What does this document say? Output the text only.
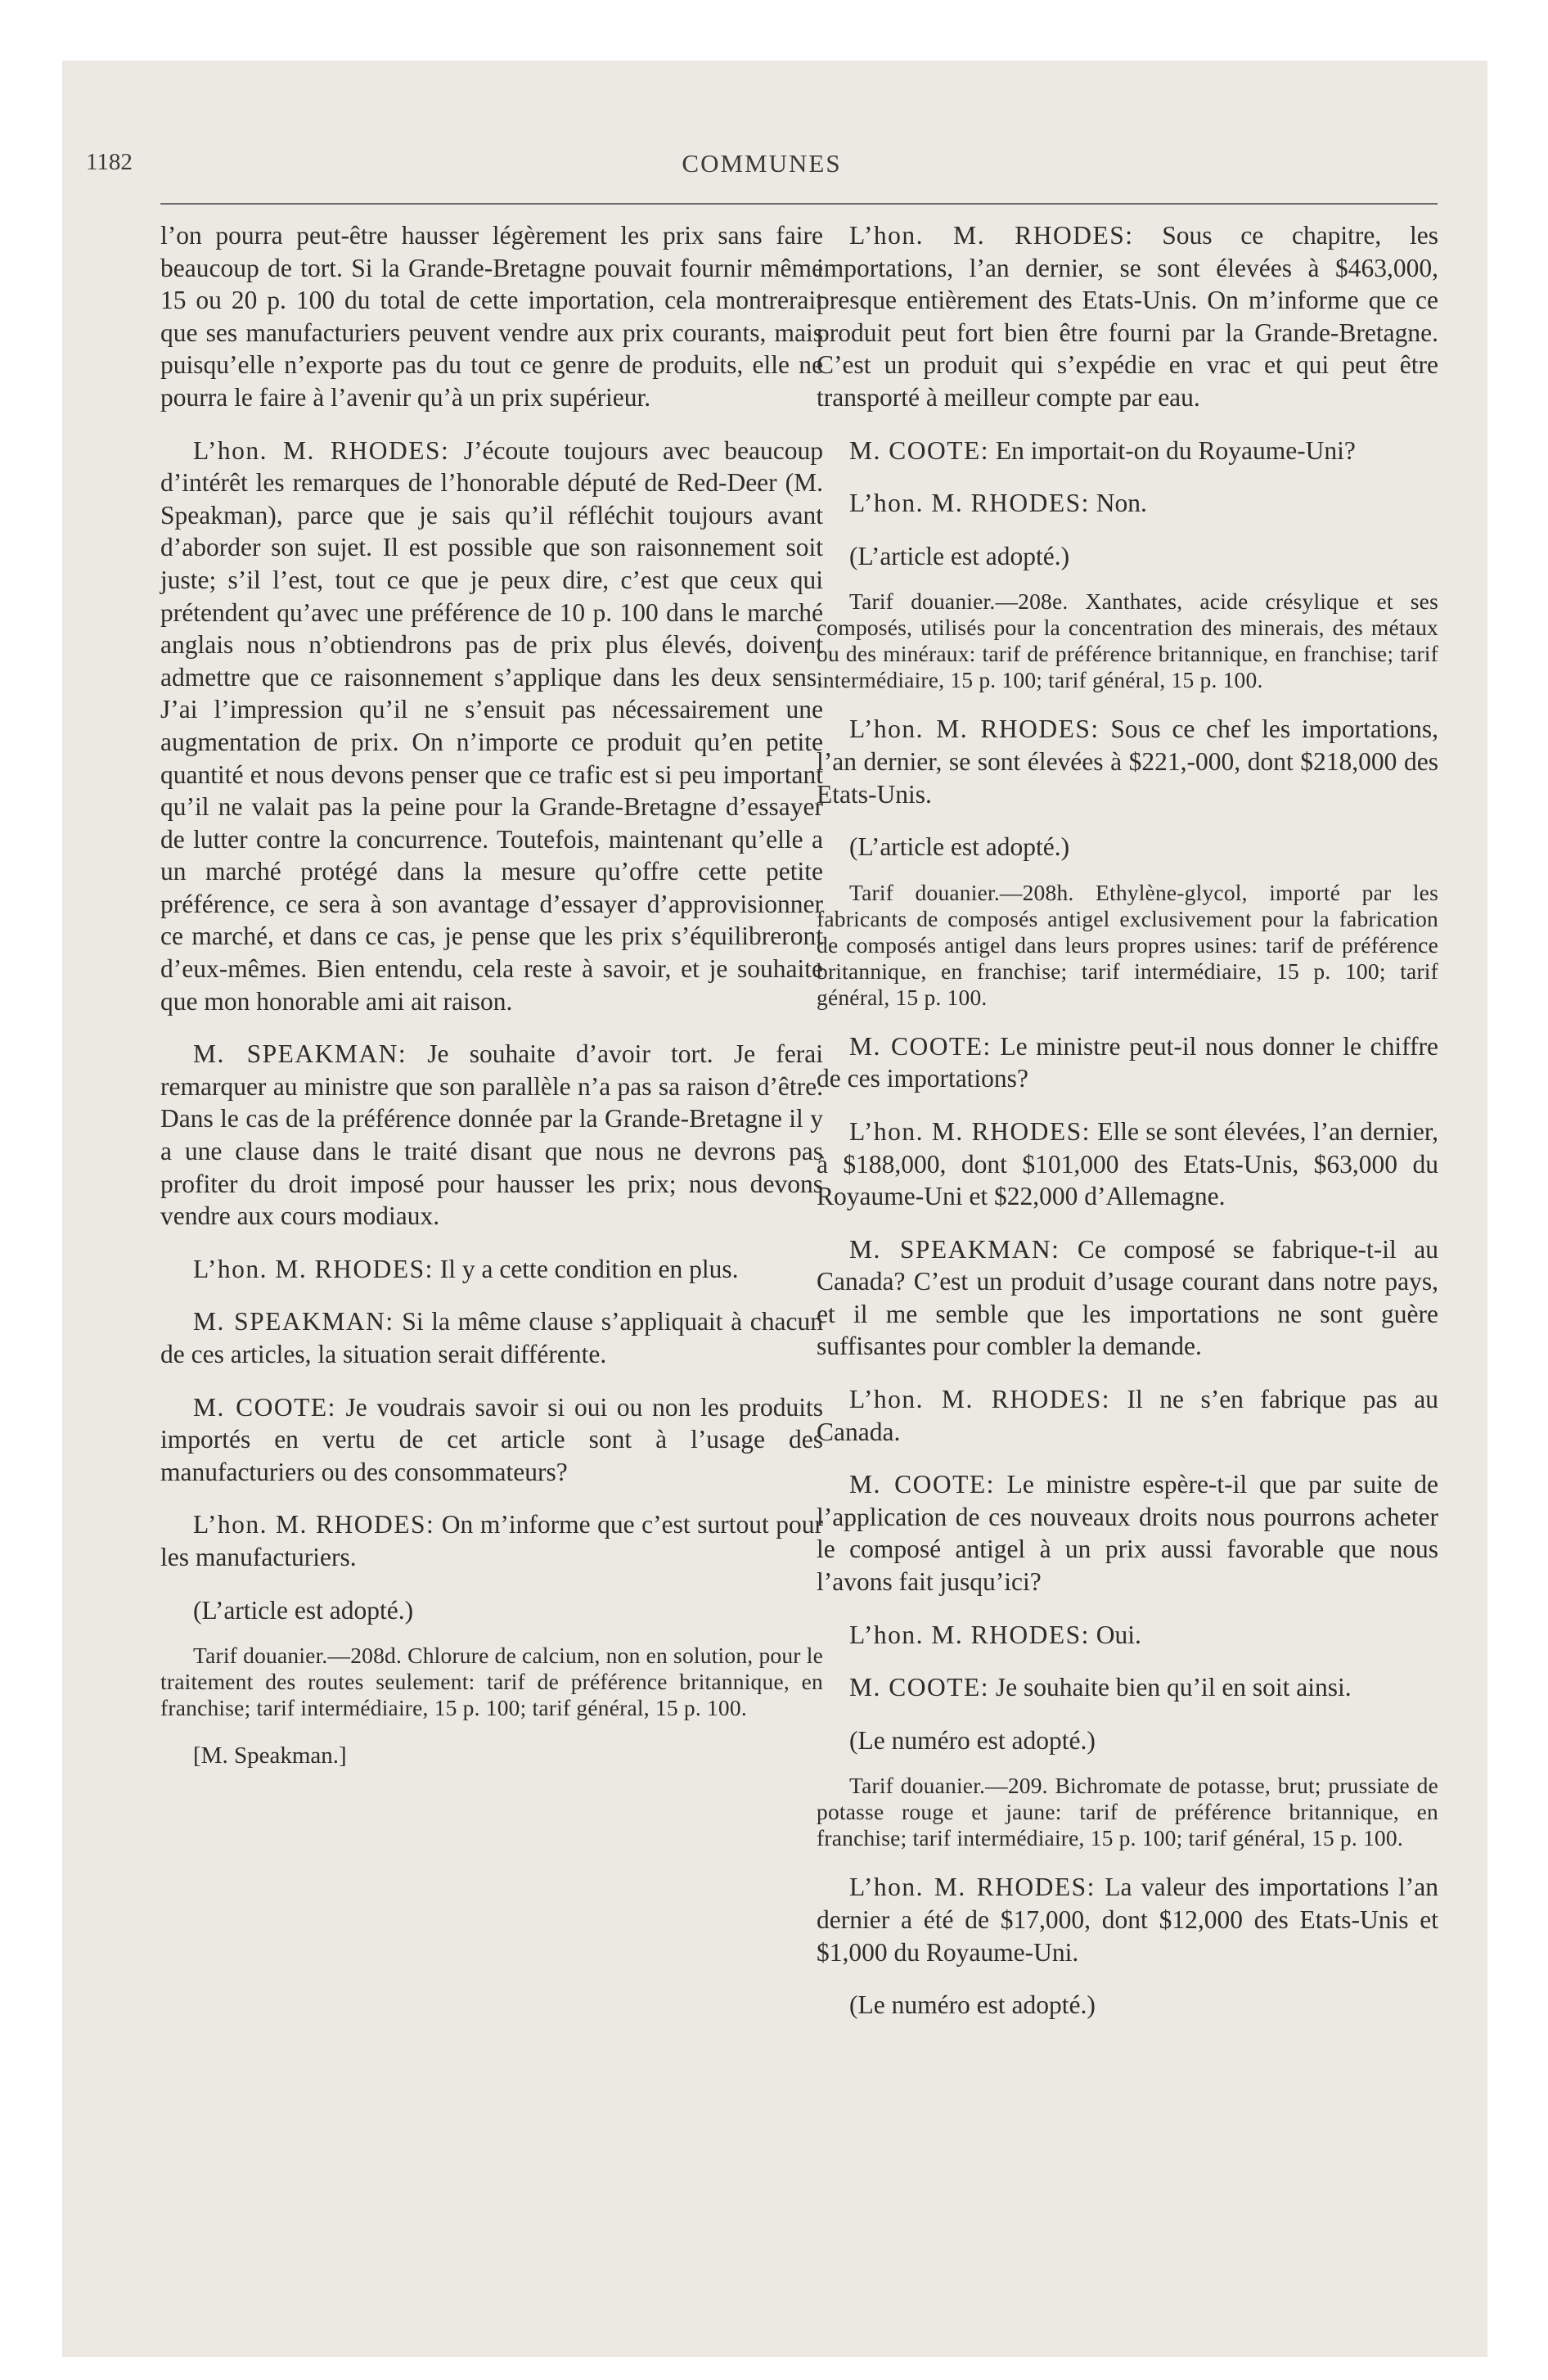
1182	COMMUNES

l’on pourra peut-être hausser légèrement les prix sans faire beaucoup de tort. Si la Grande-Bretagne pouvait fournir même 15 ou 20 p. 100 du total de cette importation, cela montrerait que ses manufacturiers peuvent vendre aux prix courants, mais puisqu’elle n’exporte pas du tout ce genre de produits, elle ne pourra le faire à l’avenir qu’à un prix supérieur.

L’hon. M. RHODES: J’écoute toujours avec beaucoup d’intérêt les remarques de l’honorable député de Red-Deer (M. Speakman), parce que je sais qu’il réfléchit toujours avant d’aborder son sujet. Il est possible que son raisonnement soit juste; s’il l’est, tout ce que je peux dire, c’est que ceux qui prétendent qu’avec une préférence de 10 p. 100 dans le marché anglais nous n’obtiendrons pas de prix plus élevés, doivent admettre que ce raisonnement s’applique dans les deux sens. J’ai l’impression qu’il ne s’ensuit pas nécessairement une augmentation de prix. On n’importe ce produit qu’en petite quantité et nous devons penser que ce trafic est si peu important qu’il ne valait pas la peine pour la Grande-Bretagne d’essayer de lutter contre la concurrence. Toutefois, maintenant qu’elle a un marché protégé dans la mesure qu’offre cette petite préférence, ce sera à son avantage d’essayer d’approvisionner ce marché, et dans ce cas, je pense que les prix s’équilibreront d’eux-mêmes. Bien entendu, cela reste à savoir, et je souhaite que mon honorable ami ait raison.

M. SPEAKMAN: Je souhaite d’avoir tort. Je ferai remarquer au ministre que son parallèle n’a pas sa raison d’être. Dans le cas de la préférence donnée par la Grande-Bretagne il y a une clause dans le traité disant que nous ne devrons pas profiter du droit imposé pour hausser les prix; nous devons vendre aux cours modiaux.

L’hon. M. RHODES: Il y a cette condition en plus.

M. SPEAKMAN: Si la même clause s’appliquait à chacun de ces articles, la situation serait différente.

M. COOTE: Je voudrais savoir si oui ou non les produits importés en vertu de cet article sont à l’usage des manufacturiers ou des consommateurs?

L’hon. M. RHODES: On m’informe que c’est surtout pour les manufacturiers.

(L’article est adopté.)

Tarif douanier.—208d. Chlorure de calcium, non en solution, pour le traitement des routes seulement: tarif de préférence britannique, en franchise; tarif intermédiaire, 15 p. 100; tarif général, 15 p. 100.

[M. Speakman.]

L’hon. M. RHODES: Sous ce chapitre, les importations, l’an dernier, se sont élevées à $463,000, presque entièrement des Etats-Unis. On m’informe que ce produit peut fort bien être fourni par la Grande-Bretagne. C’est un produit qui s’expédie en vrac et qui peut être transporté à meilleur compte par eau.

M. COOTE: En importait-on du Royaume-Uni?

L’hon. M. RHODES: Non.

(L’article est adopté.)

Tarif douanier.—208e. Xanthates, acide crésylique et ses composés, utilisés pour la concentration des minerais, des métaux ou des minéraux: tarif de préférence britannique, en franchise; tarif intermédiaire, 15 p. 100; tarif général, 15 p. 100.

L’hon. M. RHODES: Sous ce chef les importations, l’an dernier, se sont élevées à $221,-000, dont $218,000 des Etats-Unis.

(L’article est adopté.)

Tarif douanier.—208h. Ethylène-glycol, importé par les fabricants de composés antigel exclusivement pour la fabrication de composés antigel dans leurs propres usines: tarif de préférence britannique, en franchise; tarif intermédiaire, 15 p. 100; tarif général, 15 p. 100.

M. COOTE: Le ministre peut-il nous donner le chiffre de ces importations?

L’hon. M. RHODES: Elle se sont élevées, l’an dernier, à $188,000, dont $101,000 des Etats-Unis, $63,000 du Royaume-Uni et $22,000 d’Allemagne.

M. SPEAKMAN: Ce composé se fabrique-t-il au Canada? C’est un produit d’usage courant dans notre pays, et il me semble que les importations ne sont guère suffisantes pour combler la demande.

L’hon. M. RHODES: Il ne s’en fabrique pas au Canada.

M. COOTE: Le ministre espère-t-il que par suite de l’application de ces nouveaux droits nous pourrons acheter le composé antigel à un prix aussi favorable que nous l’avons fait jusqu’ici?

L’hon. M. RHODES: Oui.

M. COOTE: Je souhaite bien qu’il en soit ainsi.

(Le numéro est adopté.)

Tarif douanier.—209. Bichromate de potasse, brut; prussiate de potasse rouge et jaune: tarif de préférence britannique, en franchise; tarif intermédiaire, 15 p. 100; tarif général, 15 p. 100.

L’hon. M. RHODES: La valeur des importations l’an dernier a été de $17,000, dont $12,000 des Etats-Unis et $1,000 du Royaume-Uni.

(Le numéro est adopté.)
